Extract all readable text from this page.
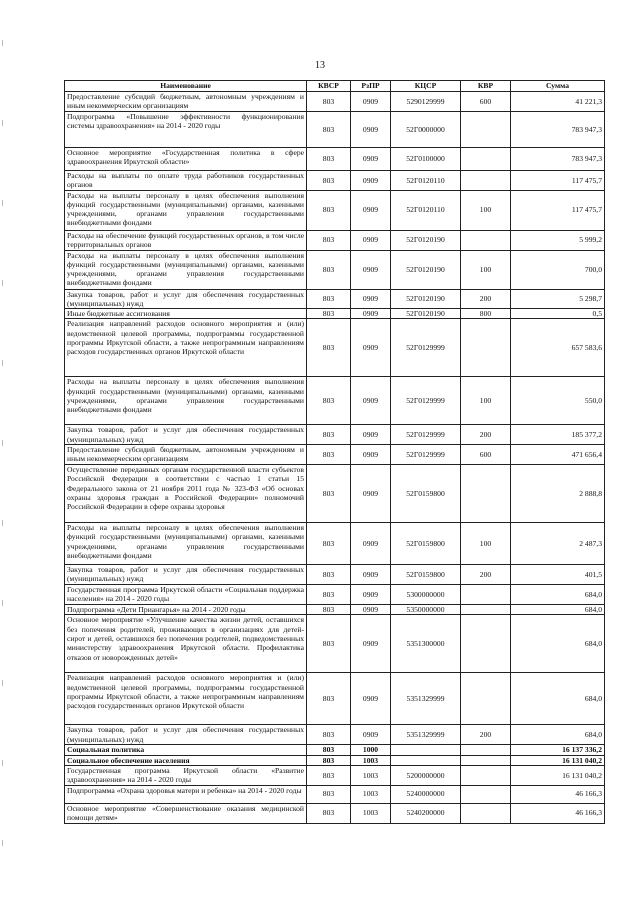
13
Наименование	КВСР	РзПР	КЦСР	КВР	Сумма
Предоставление субсидий бюджетным, автономным учреждениям и иным некоммерческим организациям	803	0909	5290129999	600	41 221,3
Подпрограмма «Повышение эффективности функционирования системы здравоохранения» на 2014 - 2020 годы	803	0909	52Г0000000		783 947,3
Основное мероприятие «Государственная политика в сфере здравоохранения Иркутской области»	803	0909	52Г0100000		783 947,3
Расходы на выплаты по оплате труда работников государственных органов	803	0909	52Г0120110		117 475,7
Расходы на выплаты персоналу в целях обеспечения выполнения функций государственными (муниципальными) органами, казенными учреждениями, органами управления государственными внебюджетными фондами	803	0909	52Г0120110	100	117 475,7
Расходы на обеспечение функций государственных органов, в том числе территориальных органов	803	0909	52Г0120190		5 999,2
Расходы на выплаты персоналу в целях обеспечения выполнения функций государственными (муниципальными) органами, казенными учреждениями, органами управления государственными внебюджетными фондами	803	0909	52Г0120190	100	700,0
Закупка товаров, работ и услуг для обеспечения государственных (муниципальных) нужд	803	0909	52Г0120190	200	5 298,7
Иные бюджетные ассигнования	803	0909	52Г0120190	800	0,5
Реализация направлений расходов основного мероприятия и (или) ведомственной целевой программы, подпрограммы государственной программы Иркутской области, а также непрограммным направлениям расходов государственных органов Иркутской области	803	0909	52Г0129999		657 583,6
Расходы на выплаты персоналу в целях обеспечения выполнения функций государственными (муниципальными) органами, казенными учреждениями, органами управления государственными внебюджетными фондами	803	0909	52Г0129999	100	550,0
Закупка товаров, работ и услуг для обеспечения государственных (муниципальных) нужд	803	0909	52Г0129999	200	185 377,2
Предоставление субсидий бюджетным, автономным учреждениям и иным некоммерческим организациям	803	0909	52Г0129999	600	471 656,4
Осуществление переданных органам государственной власти субъектов Российской Федерации в соответствии с частью 1 статьи 15 Федерального закона от 21 ноября 2011 года № 323-ФЗ «Об основах охраны здоровья граждан в Российской Федерации» полномочий Российской Федерации в сфере охраны здоровья	803	0909	52Г0159800		2 888,8
Расходы на выплаты персоналу в целях обеспечения выполнения функций государственными (муниципальными) органами, казенными учреждениями, органами управления государственными внебюджетными фондами	803	0909	52Г0159800	100	2 487,3
Закупка товаров, работ и услуг для обеспечения государственных (муниципальных) нужд	803	0909	52Г0159800	200	401,5
Государственная программа Иркутской области «Социальная поддержка населения» на 2014 - 2020 годы	803	0909	5300000000		684,0
Подпрограмма «Дети Приангарья» на 2014 - 2020 годы	803	0909	5350000000		684,0
Основное мероприятие «Улучшение качества жизни детей, оставшихся без попечения родителей, проживающих в организациях для детей-сирот и детей, оставшихся без попечения родителей, подведомственных министерству здравоохранения Иркутской области. Профилактика отказов от новорожденных детей»	803	0909	5351300000		684,0
Реализация направлений расходов основного мероприятия и (или) ведомственной целевой программы, подпрограммы государственной программы Иркутской области, а также непрограммным направлениям расходов государственных органов Иркутской области	803	0909	5351329999		684,0
Закупка товаров, работ и услуг для обеспечения государственных (муниципальных) нужд	803	0909	5351329999	200	684,0
Социальная политика	803	1000			16 137 336,2
Социальное обеспечение населения	803	1003			16 131 040,2
Государственная программа Иркутской области «Развитие здравоохранения» на 2014 - 2020 годы	803	1003	5200000000		16 131 040,2
Подпрограмма «Охрана здоровья матери и ребенка» на 2014 - 2020 годы	803	1003	5240000000		46 166,3
Основное мероприятие «Совершенствование оказания медицинской помощи детям»	803	1003	5240200000		46 166,3
